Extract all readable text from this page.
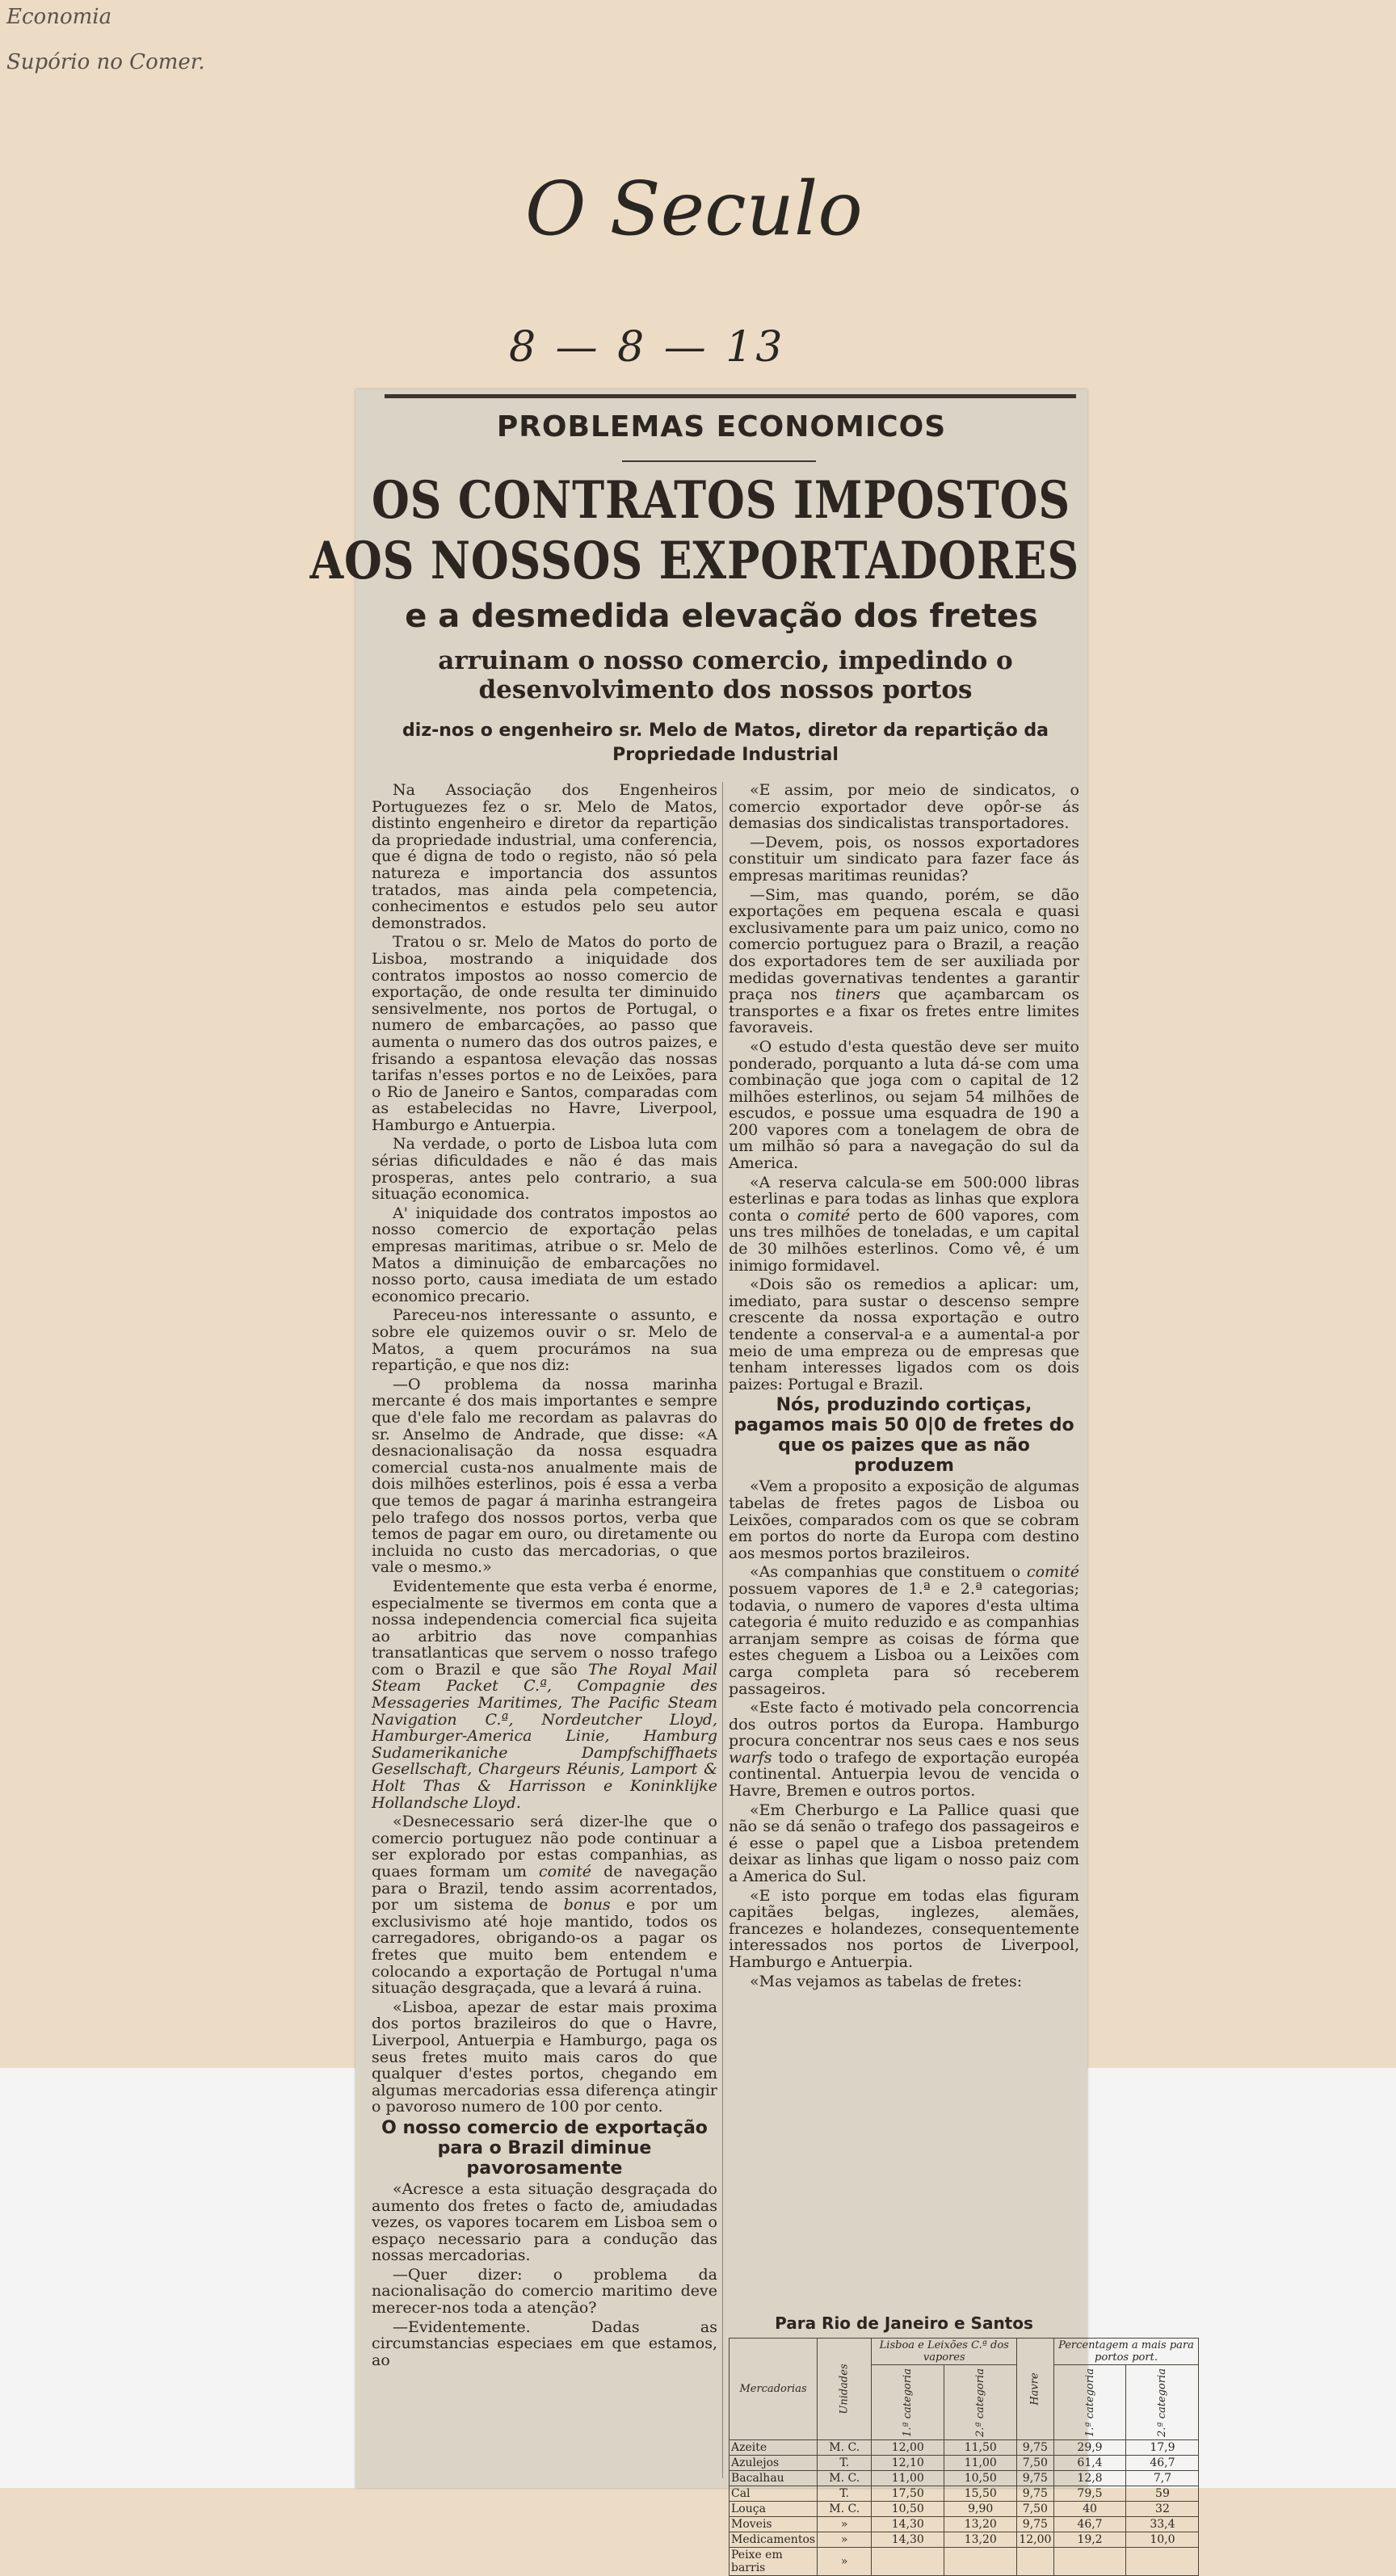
Economia
Supório no Comer.
O Seculo
8 — 8 — 13
PROBLEMAS ECONOMICOS
OS CONTRATOS IMPOSTOS
AOS NOSSOS EXPORTADORES
e a desmedida elevação dos fretes
arruinam o nosso comercio, impedindo o desenvolvimento dos nossos portos
diz-nos o engenheiro sr. Melo de Matos, diretor da repartição da Propriedade Industrial

Na Associação dos Engenheiros Portuguezes fez o sr. Melo de Matos, distinto engenheiro e diretor da repartição da propriedade industrial, uma conferencia, que é digna de todo o registo, não só pela natureza e importancia dos assuntos tratados, mas ainda pela competencia, conhecimentos e estudos pelo seu autor demonstrados.

Tratou o sr. Melo de Matos do porto de Lisboa, mostrando a iniquidade dos contratos impostos ao nosso comercio de exportação, de onde resulta ter diminuido sensivelmente, nos portos de Portugal, o numero de embarcações, ao passo que aumenta o numero das dos outros paizes, e frisando a espantosa elevação das nossas tarifas n'esses portos e no de Leixões, para o Rio de Janeiro e Santos, comparadas com as estabelecidas no Havre, Liverpool, Hamburgo e Antuerpia.

Na verdade, o porto de Lisboa luta com sérias dificuldades e não é das mais prosperas, antes pelo contrario, a sua situação economica.

A' iniquidade dos contratos impostos ao nosso comercio de exportação pelas empresas maritimas, atribue o sr. Melo de Matos a diminuição de embarcações no nosso porto, causa imediata de um estado economico precario.

Pareceu-nos interessante o assunto, e sobre ele quizemos ouvir o sr. Melo de Matos, a quem procurámos na sua repartição, e que nos diz:

—O problema da nossa marinha mercante é dos mais importantes e sempre que d'ele falo me recordam as palavras do sr. Anselmo de Andrade, que disse: «A desnacionalisação da nossa esquadra comercial custa-nos anualmente mais de dois milhões esterlinos, pois é essa a verba que temos de pagar á marinha estrangeira pelo trafego dos nossos portos, verba que temos de pagar em ouro, ou diretamente ou incluida no custo das mercadorias, o que vale o mesmo.»

Evidentemente que esta verba é enorme, especialmente se tivermos em conta que a nossa independencia comercial fica sujeita ao arbitrio das nove companhias transatlanticas que servem o nosso trafego com o Brazil e que são The Royal Mail Steam Packet C.ª, Compagnie des Messageries Maritimes, The Pacific Steam Navigation C.ª, Nordeutcher Lloyd, Hamburger-America Linie, Hamburg Sudamerikaniche Dampfschiffhaets Gesellschaft, Chargeurs Réunis, Lamport & Holt Thas & Harrisson e Koninklijke Hollandsche Lloyd.

«Desnecessario será dizer-lhe que o comercio portuguez não pode continuar a ser explorado por estas companhias, as quaes formam um comité de navegação para o Brazil, tendo assim acorrentados, por um sistema de bonus e por um exclusivismo até hoje mantido, todos os carregadores, obrigando-os a pagar os fretes que muito bem entendem e colocando a exportação de Portugal n'uma situação desgraçada, que a levará á ruina.

«Lisboa, apezar de estar mais proxima dos portos brazileiros do que o Havre, Liverpool, Antuerpia e Hamburgo, paga os seus fretes muito mais caros do que qualquer d'estes portos, chegando em algumas mercadorias essa diferença atingir o pavoroso numero de 100 por cento.

O nosso comercio de exportação para o Brazil diminue pavorosamente

«Acresce a esta situação desgraçada do aumento dos fretes o facto de, amiudadas vezes, os vapores tocarem em Lisboa sem o espaço necessario para a condução das nossas mercadorias.

—Quer dizer: o problema da nacionalisação do comercio maritimo deve merecer-nos toda a atenção?

—Evidentemente. Dadas as circumstancias especiaes em que estamos, ao

«E assim, por meio de sindicatos, o comercio exportador deve opôr-se ás demasias dos sindicalistas transportadores.

—Devem, pois, os nossos exportadores constituir um sindicato para fazer face ás empresas maritimas reunidas?

—Sim, mas quando, porém, se dão exportações em pequena escala e quasi exclusivamente para um paiz unico, como no comercio portuguez para o Brazil, a reação dos exportadores tem de ser auxiliada por medidas governativas tendentes a garantir praça nos tiners que açambarcam os transportes e a fixar os fretes entre limites favoraveis.

«O estudo d'esta questão deve ser muito ponderado, porquanto a luta dá-se com uma combinação que joga com o capital de 12 milhões esterlinos, ou sejam 54 milhões de escudos, e possue uma esquadra de 190 a 200 vapores com a tonelagem de obra de um milhão só para a navegação do sul da America.

«A reserva calcula-se em 500:000 libras esterlinas e para todas as linhas que explora conta o comité perto de 600 vapores, com uns tres milhões de toneladas, e um capital de 30 milhões esterlinos. Como vê, é um inimigo formidavel.

«Dois são os remedios a aplicar: um, imediato, para sustar o descenso sempre crescente da nossa exportação e outro tendente a conserval-a e a aumental-a por meio de uma empreza ou de empresas que tenham interesses ligados com os dois paizes: Portugal e Brazil.

Nós, produzindo cortiças, pagamos mais 50 0|0 de fretes do que os paizes que as não produzem

«Vem a proposito a exposição de algumas tabelas de fretes pagos de Lisboa ou Leixões, comparados com os que se cobram em portos do norte da Europa com destino aos mesmos portos brazileiros.

«As companhias que constituem o comité possuem vapores de 1.ª e 2.ª categorias; todavia, o numero de vapores d'esta ultima categoria é muito reduzido e as companhias arranjam sempre as coisas de fórma que estes cheguem a Lisboa ou a Leixões com carga completa para só receberem passageiros.

«Este facto é motivado pela concorrencia dos outros portos da Europa. Hamburgo procura concentrar nos seus caes e nos seus warfs todo o trafego de exportação européa continental. Antuerpia levou de vencida o Havre, Bremen e outros portos.

«Em Cherburgo e La Pallice quasi que não se dá senão o trafego dos passageiros e é esse o papel que a Lisboa pretendem deixar as linhas que ligam o nosso paiz com a America do Sul.

«E isto porque em todas elas figuram capitães belgas, inglezes, alemães, francezes e holandezes, consequentemente interessados nos portos de Liverpool, Hamburgo e Antuerpia.

«Mas vejamos as tabelas de fretes:

Para Rio de Janeiro e Santos
Mercadorias	Unidades	Lisboa e Leixões C.ª dos vapores		Havre	Percentagem a mais para portos port.	
		1.ª categoria	2.ª categoria		1.ª categoria	2.ª categoria
Azeite	M. C.	12,00	11,50	9,75	29,9	17,9
Azulejos	T.	12,10	11,00	7,50	61,4	46,7
Bacalhau	M. C.	11,00	10,50	9,75	12,8	7,7
Cal	T.	17,50	15,50	9,75	79,5	59
Louça	M. C.	10,50	9,90	7,50	40	32
Moveis	»	14,30	13,20	9,75	46,7	33,4
Medicamentos	»	14,30	13,20	12,00	19,2	10,0
Peixe em barris	»					
